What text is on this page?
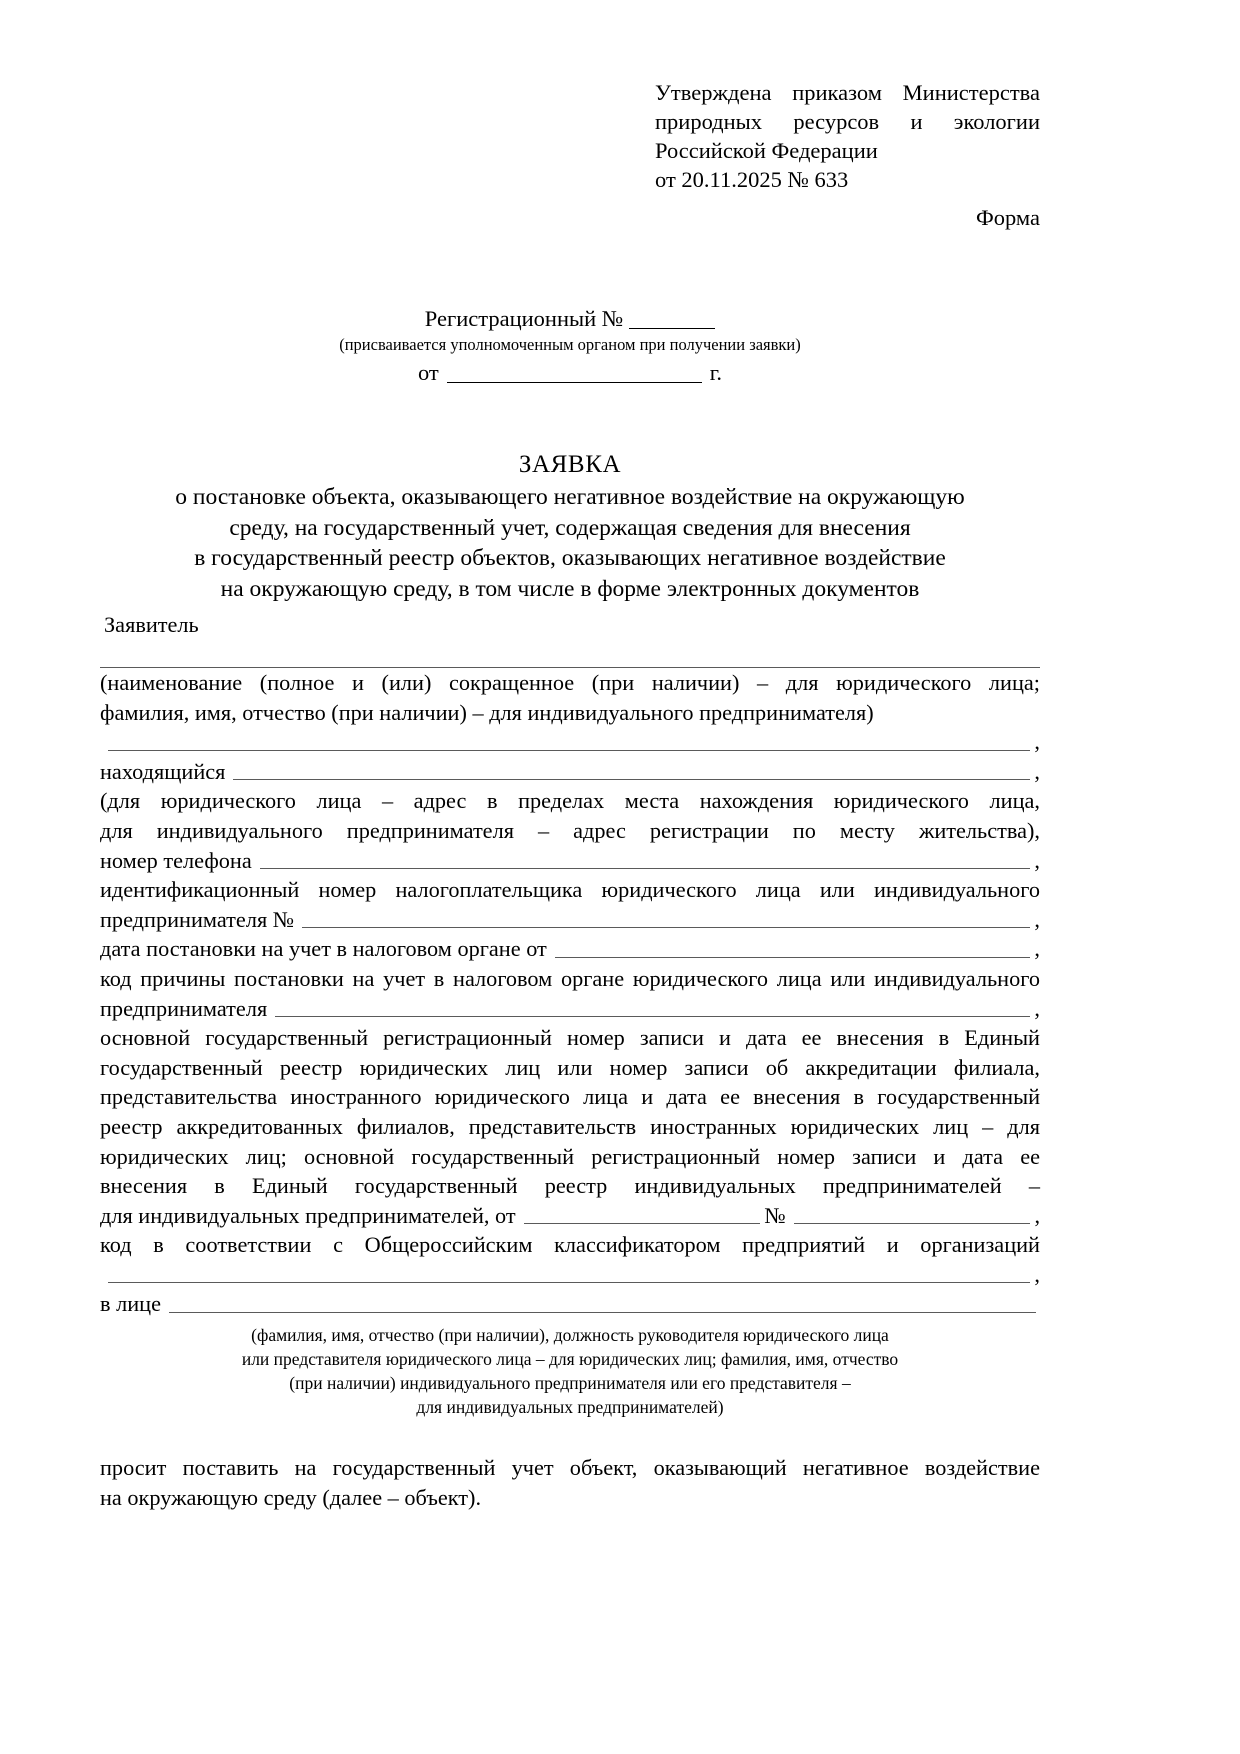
Утверждена приказом Министерства
природных ресурсов и экологии
Российской Федерации
от 20.11.2025 № 633
Форма
Регистрационный №
(присваивается уполномоченным органом при получении заявки)
от	г.
ЗАЯВКА
о постановке объекта, оказывающего негативное воздействие на окружающую
среду, на государственный учет, содержащая сведения для внесения
в государственный реестр объектов, оказывающих негативное воздействие
на окружающую среду, в том числе в форме электронных документов
Заявитель
(наименование (полное и (или) сокращенное (при наличии) – для юридического лица;
фамилия, имя, отчество (при наличии) – для индивидуального предпринимателя)
,
находящийся	,
(для юридического лица – адрес в пределах места нахождения юридического лица,
для индивидуального предпринимателя – адрес регистрации по месту жительства),
номер телефона	,
идентификационный номер налогоплательщика юридического лица или индивидуального
предпринимателя №	,
дата постановки на учет в налоговом органе от	,
код причины постановки на учет в налоговом органе юридического лица или индивидуального
предпринимателя	,
основной государственный регистрационный номер записи и дата ее внесения в Единый
государственный реестр юридических лиц или номер записи об аккредитации филиала,
представительства иностранного юридического лица и дата ее внесения в государственный
реестр аккредитованных филиалов, представительств иностранных юридических лиц – для
юридических лиц; основной государственный регистрационный номер записи и дата ее
внесения в Единый государственный реестр индивидуальных предпринимателей –
для индивидуальных предпринимателей, от	№	,
код в соответствии с Общероссийским классификатором предприятий и организаций
,
в лице
(фамилия, имя, отчество (при наличии), должность руководителя юридического лица
или представителя юридического лица – для юридических лиц; фамилия, имя, отчество
(при наличии) индивидуального предпринимателя или его представителя –
для индивидуальных предпринимателей)
просит поставить на государственный учет объект, оказывающий негативное воздействие
на окружающую среду (далее – объект).
